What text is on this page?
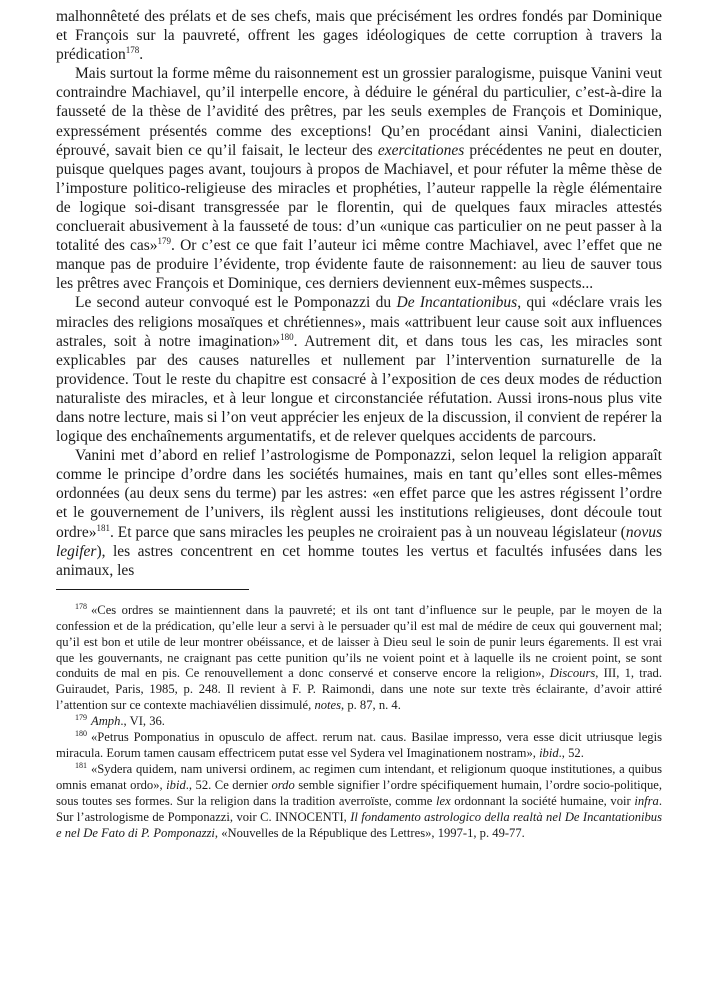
malhonnêteté des prélats et de ses chefs, mais que précisément les ordres fondés par Dominique et François sur la pauvreté, offrent les gages idéologiques de cette corruption à travers la prédication$^{178}$.

Mais surtout la forme même du raisonnement est un grossier paralogisme, puisque Vanini veut contraindre Machiavel, qu’il interpelle encore, à déduire le général du particulier, c’est-à-dire la fausseté de la thèse de l’avidité des prêtres, par les seuls exemples de François et Dominique, expressément présentés comme des exceptions! Qu’en procédant ainsi Vanini, dialecticien éprouvé, savait bien ce qu’il faisait, le lecteur des exercitationes précédentes ne peut en douter, puisque quelques pages avant, toujours à propos de Machiavel, et pour réfuter la même thèse de l’imposture politico-religieuse des miracles et prophéties, l’auteur rappelle la règle élémentaire de logique soi-disant transgressée par le florentin, qui de quelques faux miracles attestés concluerait abusivement à la fausseté de tous: d’un «unique cas particulier on ne peut passer à la totalité des cas»$^{179}$. Or c’est ce que fait l’auteur ici même contre Machiavel, avec l’effet que ne manque pas de produire l’évidente, trop évidente faute de raisonnement: au lieu de sauver tous les prêtres avec François et Dominique, ces derniers deviennent eux-mêmes suspects...

Le second auteur convoqué est le Pomponazzi du De Incantationibus, qui «déclare vrais les miracles des religions mosaïques et chrétiennes», mais «attribuent leur cause soit aux influences astrales, soit à notre imagination»$^{180}$. Autrement dit, et dans tous les cas, les miracles sont explicables par des causes naturelles et nullement par l’intervention surnaturelle de la providence. Tout le reste du chapitre est consacré à l’exposition de ces deux modes de réduction naturaliste des miracles, et à leur longue et circonstanciée réfutation. Aussi irons-nous plus vite dans notre lecture, mais si l’on veut apprécier les enjeux de la discussion, il convient de repérer la logique des enchaînements argumentatifs, et de relever quelques accidents de parcours.

Vanini met d’abord en relief l’astrologisme de Pomponazzi, selon lequel la religion apparaît comme le principe d’ordre dans les sociétés humaines, mais en tant qu’elles sont elles-mêmes ordonnées (au deux sens du terme) par les astres: «en effet parce que les astres régissent l’ordre et le gouvernement de l’univers, ils règlent aussi les institutions religieuses, dont découle tout ordre»$^{181}$. Et parce que sans miracles les peuples ne croiraient pas à un nouveau législateur (novus legifer), les astres concentrent en cet homme toutes les vertus et facultés infusées dans les animaux, les

$^{178}$ «Ces ordres se maintiennent dans la pauvreté; et ils ont tant d’influence sur le peuple, par le moyen de la confession et de la prédication, qu’elle leur a servi à le persuader qu’il est mal de médire de ceux qui gouvernent mal; qu’il est bon et utile de leur montrer obéissance, et de laisser à Dieu seul le soin de punir leurs égarements. Il est vrai que les gouvernants, ne craignant pas cette punition qu’ils ne voient point et à laquelle ils ne croient point, se sont conduits de mal en pis. Ce renouvellement a donc conservé et conserve encore la religion», Discours, III, 1, trad. Guiraudet, Paris, 1985, p. 248. Il revient à F. P. Raimondi, dans une note sur texte très éclairante, d’avoir attiré l’attention sur ce contexte machiavélien dissimulé, notes, p. 87, n. 4.

$^{179}$ Amph., VI, 36.

$^{180}$ «Petrus Pomponatius in opusculo de affect. rerum nat. caus. Basilae impresso, vera esse dicit utriusque legis miracula. Eorum tamen causam effectricem putat esse vel Sydera vel Imaginationem nostram», ibid., 52.

$^{181}$ «Sydera quidem, nam universi ordinem, ac regimen cum intendant, et religionum quoque institutiones, a quibus omnis emanat ordo», ibid., 52. Ce dernier ordo semble signifier l’ordre spécifiquement humain, l’ordre socio-politique, sous toutes ses formes. Sur la religion dans la tradition averroïste, comme lex ordonnant la société humaine, voir infra. Sur l’astrologisme de Pomponazzi, voir C. INNOCENTI, Il fondamento astrologico della realtà nel De Incantationibus e nel De Fato di P. Pomponazzi, «Nouvelles de la République des Lettres», 1997-1, p. 49-77.
